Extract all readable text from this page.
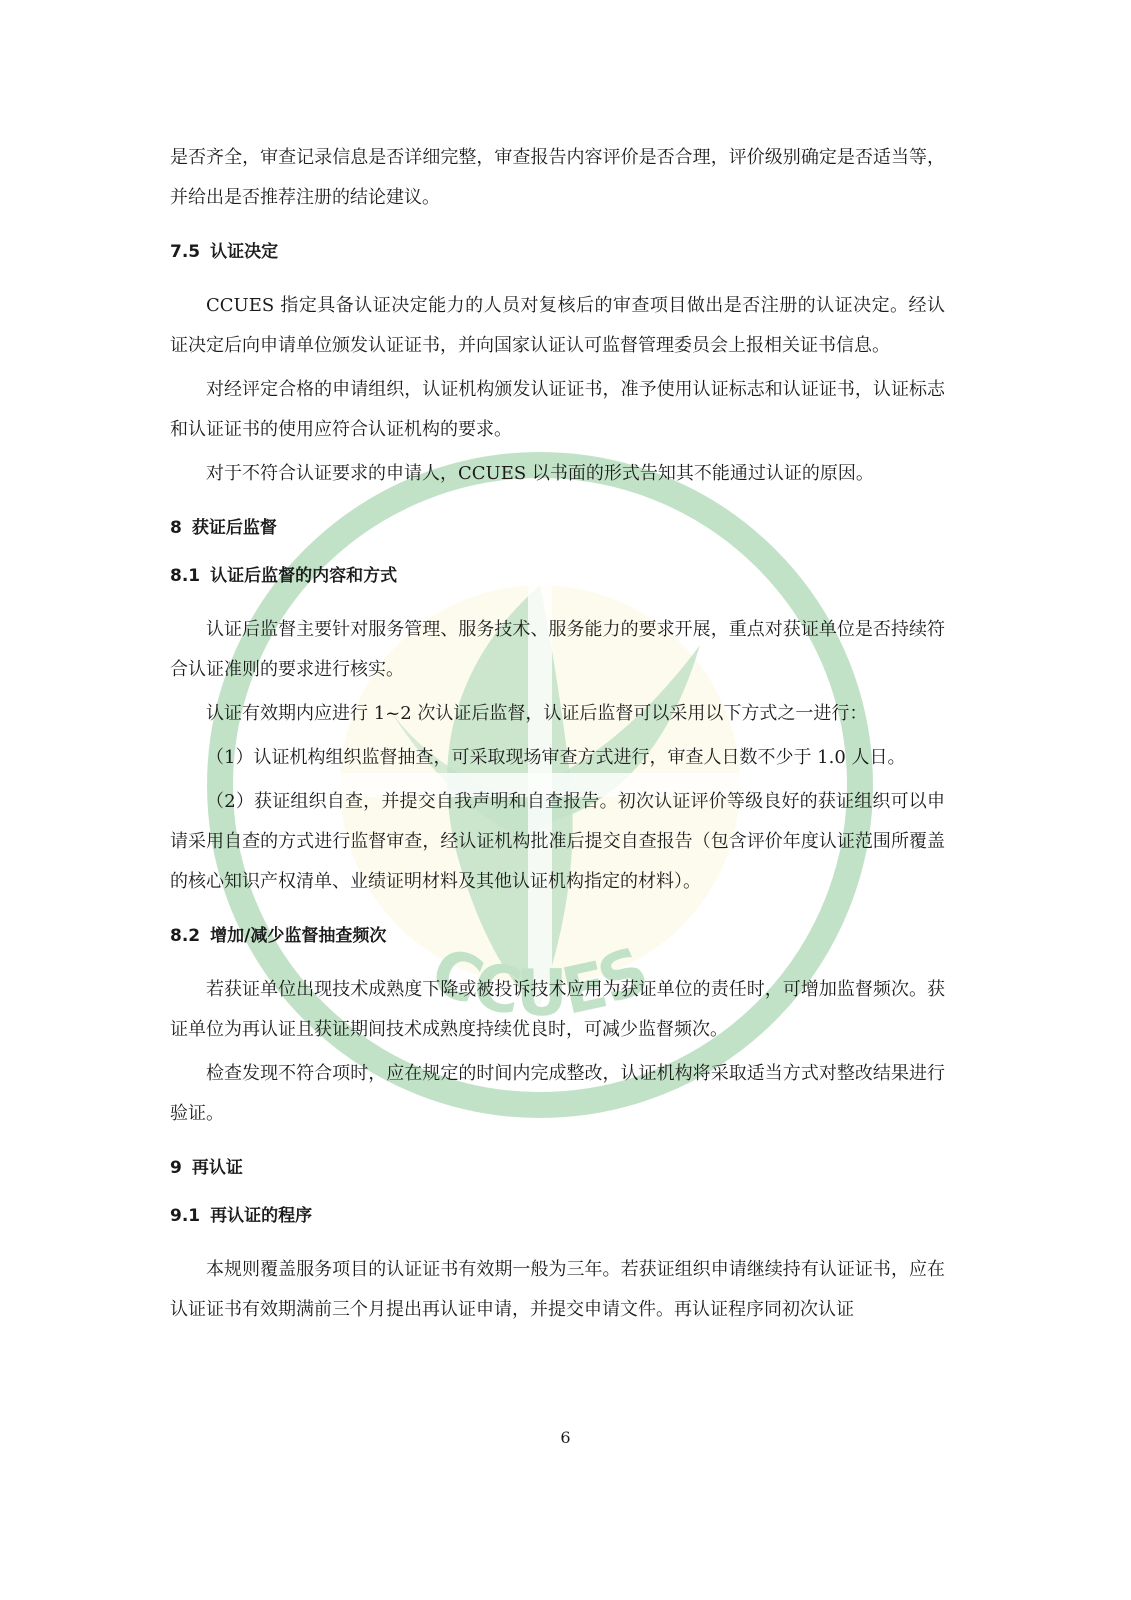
CCUES
是否齐全，审查记录信息是否详细完整，审查报告内容评价是否合理，评价级别确定是否适当等，并给出是否推荐注册的结论建议。
7.5 认证决定
CCUES 指定具备认证决定能力的人员对复核后的审查项目做出是否注册的认证决定。经认证决定后向申请单位颁发认证证书，并向国家认证认可监督管理委员会上报相关证书信息。
对经评定合格的申请组织，认证机构颁发认证证书，准予使用认证标志和认证证书，认证标志和认证证书的使用应符合认证机构的要求。
对于不符合认证要求的申请人，CCUES 以书面的形式告知其不能通过认证的原因。
8 获证后监督
8.1 认证后监督的内容和方式
认证后监督主要针对服务管理、服务技术、服务能力的要求开展，重点对获证单位是否持续符合认证准则的要求进行核实。
认证有效期内应进行 1~2 次认证后监督，认证后监督可以采用以下方式之一进行：
（1）认证机构组织监督抽查，可采取现场审查方式进行，审查人日数不少于 1.0 人日。
（2）获证组织自查，并提交自我声明和自查报告。初次认证评价等级良好的获证组织可以申请采用自查的方式进行监督审查，经认证机构批准后提交自查报告（包含评价年度认证范围所覆盖的核心知识产权清单、业绩证明材料及其他认证机构指定的材料）。
8.2 增加/减少监督抽查频次
若获证单位出现技术成熟度下降或被投诉技术应用为获证单位的责任时，可增加监督频次。获证单位为再认证且获证期间技术成熟度持续优良时，可减少监督频次。
检查发现不符合项时，应在规定的时间内完成整改，认证机构将采取适当方式对整改结果进行验证。
9 再认证
9.1 再认证的程序
本规则覆盖服务项目的认证证书有效期一般为三年。若获证组织申请继续持有认证证书，应在认证证书有效期满前三个月提出再认证申请，并提交申请文件。再认证程序同初次认证
6
